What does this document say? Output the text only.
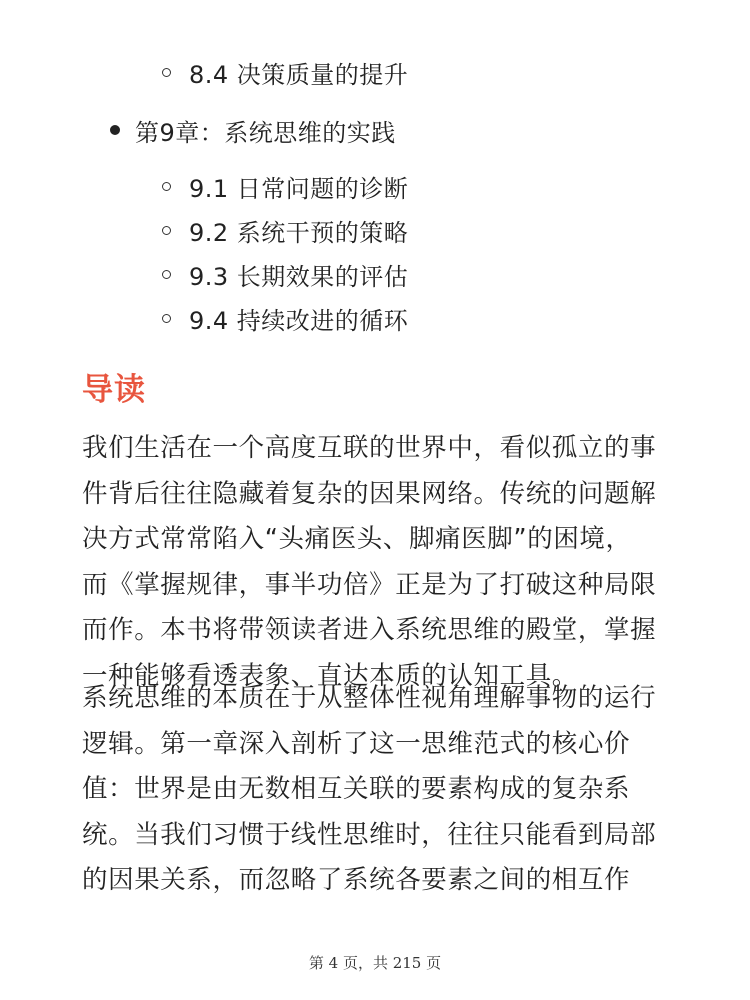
8.4 决策质量的提升
第9章：系统思维的实践
9.1 日常问题的诊断
9.2 系统干预的策略
9.3 长期效果的评估
9.4 持续改进的循环
导读

我们生活在一个高度互联的世界中，看似孤立的事
件背后往往隐藏着复杂的因果网络。传统的问题解
决方式常常陷入“头痛医头、脚痛医脚”的困境，
而《掌握规律，事半功倍》正是为了打破这种局限
而作。本书将带领读者进入系统思维的殿堂，掌握
一种能够看透表象、直达本质的认知工具。

系统思维的本质在于从整体性视角理解事物的运行
逻辑。第一章深入剖析了这一思维范式的核心价
值：世界是由无数相互关联的要素构成的复杂系
统。当我们习惯于线性思维时，往往只能看到局部
的因果关系，而忽略了系统各要素之间的相互作

第 4 页，共 215 页
